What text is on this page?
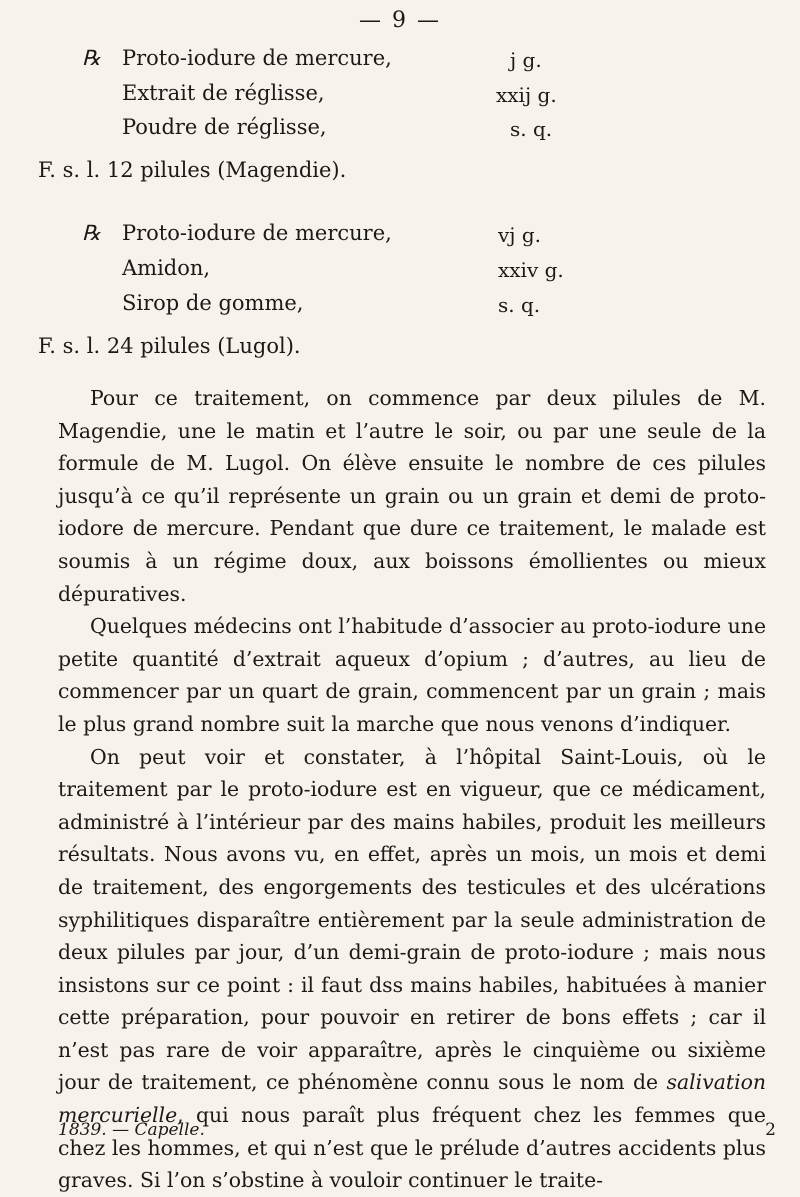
— 9 —
℞ Proto-iodure de mercure,	j g.
Extrait de réglisse,	xxij g.
Poudre de réglisse,	s. q.
F. s. l. 12 pilules (Magendie).
℞ Proto-iodure de mercure,	vj g.
Amidon,	xxiv g.
Sirop de gomme,	s. q.
F. s. l. 24 pilules (Lugol).

Pour ce traitement, on commence par deux pilules de M. Magendie, une le matin et l’autre le soir, ou par une seule de la formule de M. Lugol. On élève ensuite le nombre de ces pilules jusqu’à ce qu’il représente un grain ou un grain et demi de proto-iodore de mercure. Pendant que dure ce traitement, le malade est soumis à un régime doux, aux boissons émollientes ou mieux dépuratives.

Quelques médecins ont l’habitude d’associer au proto-iodure une petite quantité d’extrait aqueux d’opium ; d’autres, au lieu de commencer par un quart de grain, commencent par un grain ; mais le plus grand nombre suit la marche que nous venons d’indiquer.

On peut voir et constater, à l’hôpital Saint-Louis, où le traitement par le proto-iodure est en vigueur, que ce médicament, administré à l’intérieur par des mains habiles, produit les meilleurs résultats. Nous avons vu, en effet, après un mois, un mois et demi de traitement, des engorgements des testicules et des ulcérations syphilitiques disparaître entièrement par la seule administration de deux pilules par jour, d’un demi-grain de proto-iodure ; mais nous insistons sur ce point : il faut dss mains habiles, habituées à manier cette préparation, pour pouvoir en retirer de bons effets ; car il n’est pas rare de voir apparaître, après le cinquième ou sixième jour de traitement, ce phénomène connu sous le nom de salivation mercurielle, qui nous paraît plus fréquent chez les femmes que chez les hommes, et qui n’est que le prélude d’autres accidents plus graves. Si l’on s’obstine à vouloir continuer le traite-

1839. — Capelle.	2
